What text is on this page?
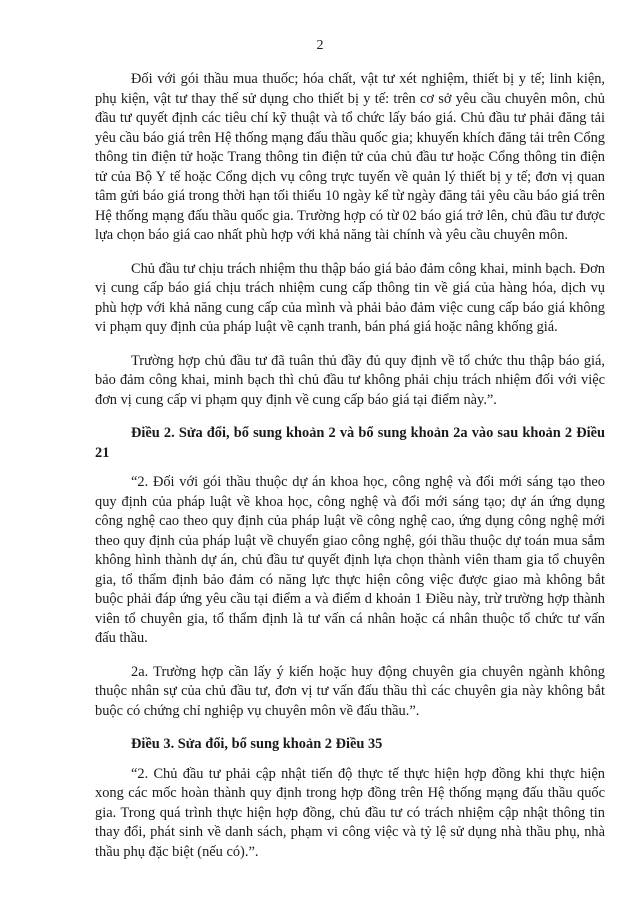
2

Đối với gói thầu mua thuốc; hóa chất, vật tư xét nghiệm, thiết bị y tế; linh kiện, phụ kiện, vật tư thay thế sử dụng cho thiết bị y tế: trên cơ sở yêu cầu chuyên môn, chủ đầu tư quyết định các tiêu chí kỹ thuật và tổ chức lấy báo giá. Chủ đầu tư phải đăng tải yêu cầu báo giá trên Hệ thống mạng đấu thầu quốc gia; khuyến khích đăng tải trên Cổng thông tin điện tử hoặc Trang thông tin điện tử của chủ đầu tư hoặc Cổng thông tin điện tử của Bộ Y tế hoặc Cổng dịch vụ công trực tuyến về quản lý thiết bị y tế; đơn vị quan tâm gửi báo giá trong thời hạn tối thiểu 10 ngày kể từ ngày đăng tải yêu cầu báo giá trên Hệ thống mạng đấu thầu quốc gia. Trường hợp có từ 02 báo giá trở lên, chủ đầu tư được lựa chọn báo giá cao nhất phù hợp với khả năng tài chính và yêu cầu chuyên môn.

Chủ đầu tư chịu trách nhiệm thu thập báo giá bảo đảm công khai, minh bạch. Đơn vị cung cấp báo giá chịu trách nhiệm cung cấp thông tin về giá của hàng hóa, dịch vụ phù hợp với khả năng cung cấp của mình và phải bảo đảm việc cung cấp báo giá không vi phạm quy định của pháp luật về cạnh tranh, bán phá giá hoặc nâng khống giá.

Trường hợp chủ đầu tư đã tuân thủ đầy đủ quy định về tổ chức thu thập báo giá, bảo đảm công khai, minh bạch thì chủ đầu tư không phải chịu trách nhiệm đối với việc đơn vị cung cấp vi phạm quy định về cung cấp báo giá tại điểm này.”.

Điều 2. Sửa đổi, bổ sung khoản 2 và bổ sung khoản 2a vào sau khoản 2 Điều 21

“2. Đối với gói thầu thuộc dự án khoa học, công nghệ và đổi mới sáng tạo theo quy định của pháp luật về khoa học, công nghệ và đổi mới sáng tạo; dự án ứng dụng công nghệ cao theo quy định của pháp luật về công nghệ cao, ứng dụng công nghệ mới theo quy định của pháp luật về chuyển giao công nghệ, gói thầu thuộc dự toán mua sắm không hình thành dự án, chủ đầu tư quyết định lựa chọn thành viên tham gia tổ chuyên gia, tổ thẩm định bảo đảm có năng lực thực hiện công việc được giao mà không bắt buộc phải đáp ứng yêu cầu tại điểm a và điểm d khoản 1 Điều này, trừ trường hợp thành viên tổ chuyên gia, tổ thẩm định là tư vấn cá nhân hoặc cá nhân thuộc tổ chức tư vấn đấu thầu.

2a. Trường hợp cần lấy ý kiến hoặc huy động chuyên gia chuyên ngành không thuộc nhân sự của chủ đầu tư, đơn vị tư vấn đấu thầu thì các chuyên gia này không bắt buộc có chứng chỉ nghiệp vụ chuyên môn về đấu thầu.”.

Điều 3. Sửa đổi, bổ sung khoản 2 Điều 35

“2. Chủ đầu tư phải cập nhật tiến độ thực tế thực hiện hợp đồng khi thực hiện xong các mốc hoàn thành quy định trong hợp đồng trên Hệ thống mạng đấu thầu quốc gia. Trong quá trình thực hiện hợp đồng, chủ đầu tư có trách nhiệm cập nhật thông tin thay đổi, phát sinh về danh sách, phạm vi công việc và tỷ lệ sử dụng nhà thầu phụ, nhà thầu phụ đặc biệt (nếu có).”.
